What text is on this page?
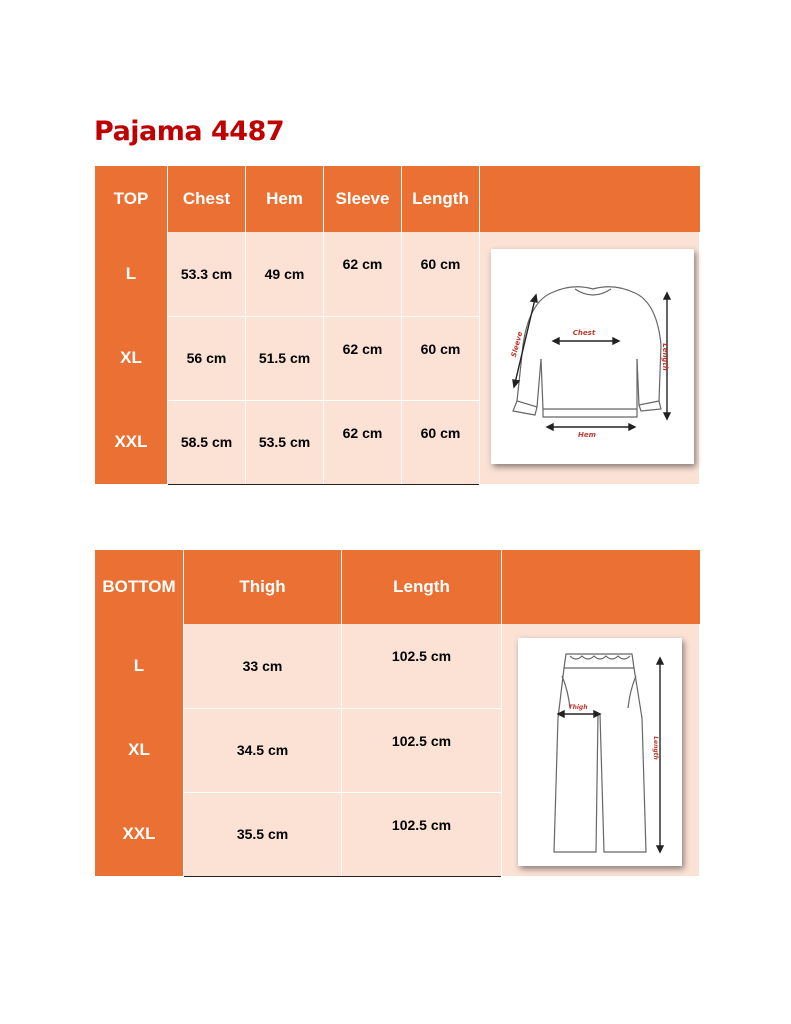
Pajama 4487
TOP	Chest	Hem	Sleeve	Length	
L	53.3 cm	49 cm	62 cm	60 cm	
XL	56 cm	51.5 cm	62 cm	60 cm	
XXL	58.5 cm	53.5 cm	62 cm	60 cm	
Chest
Hem
Length
Sleeve
BOTTOM	Thigh	Length	
L	33 cm	102.5 cm	
XL	34.5 cm	102.5 cm	
XXL	35.5 cm	102.5 cm	
Thigh
Length
